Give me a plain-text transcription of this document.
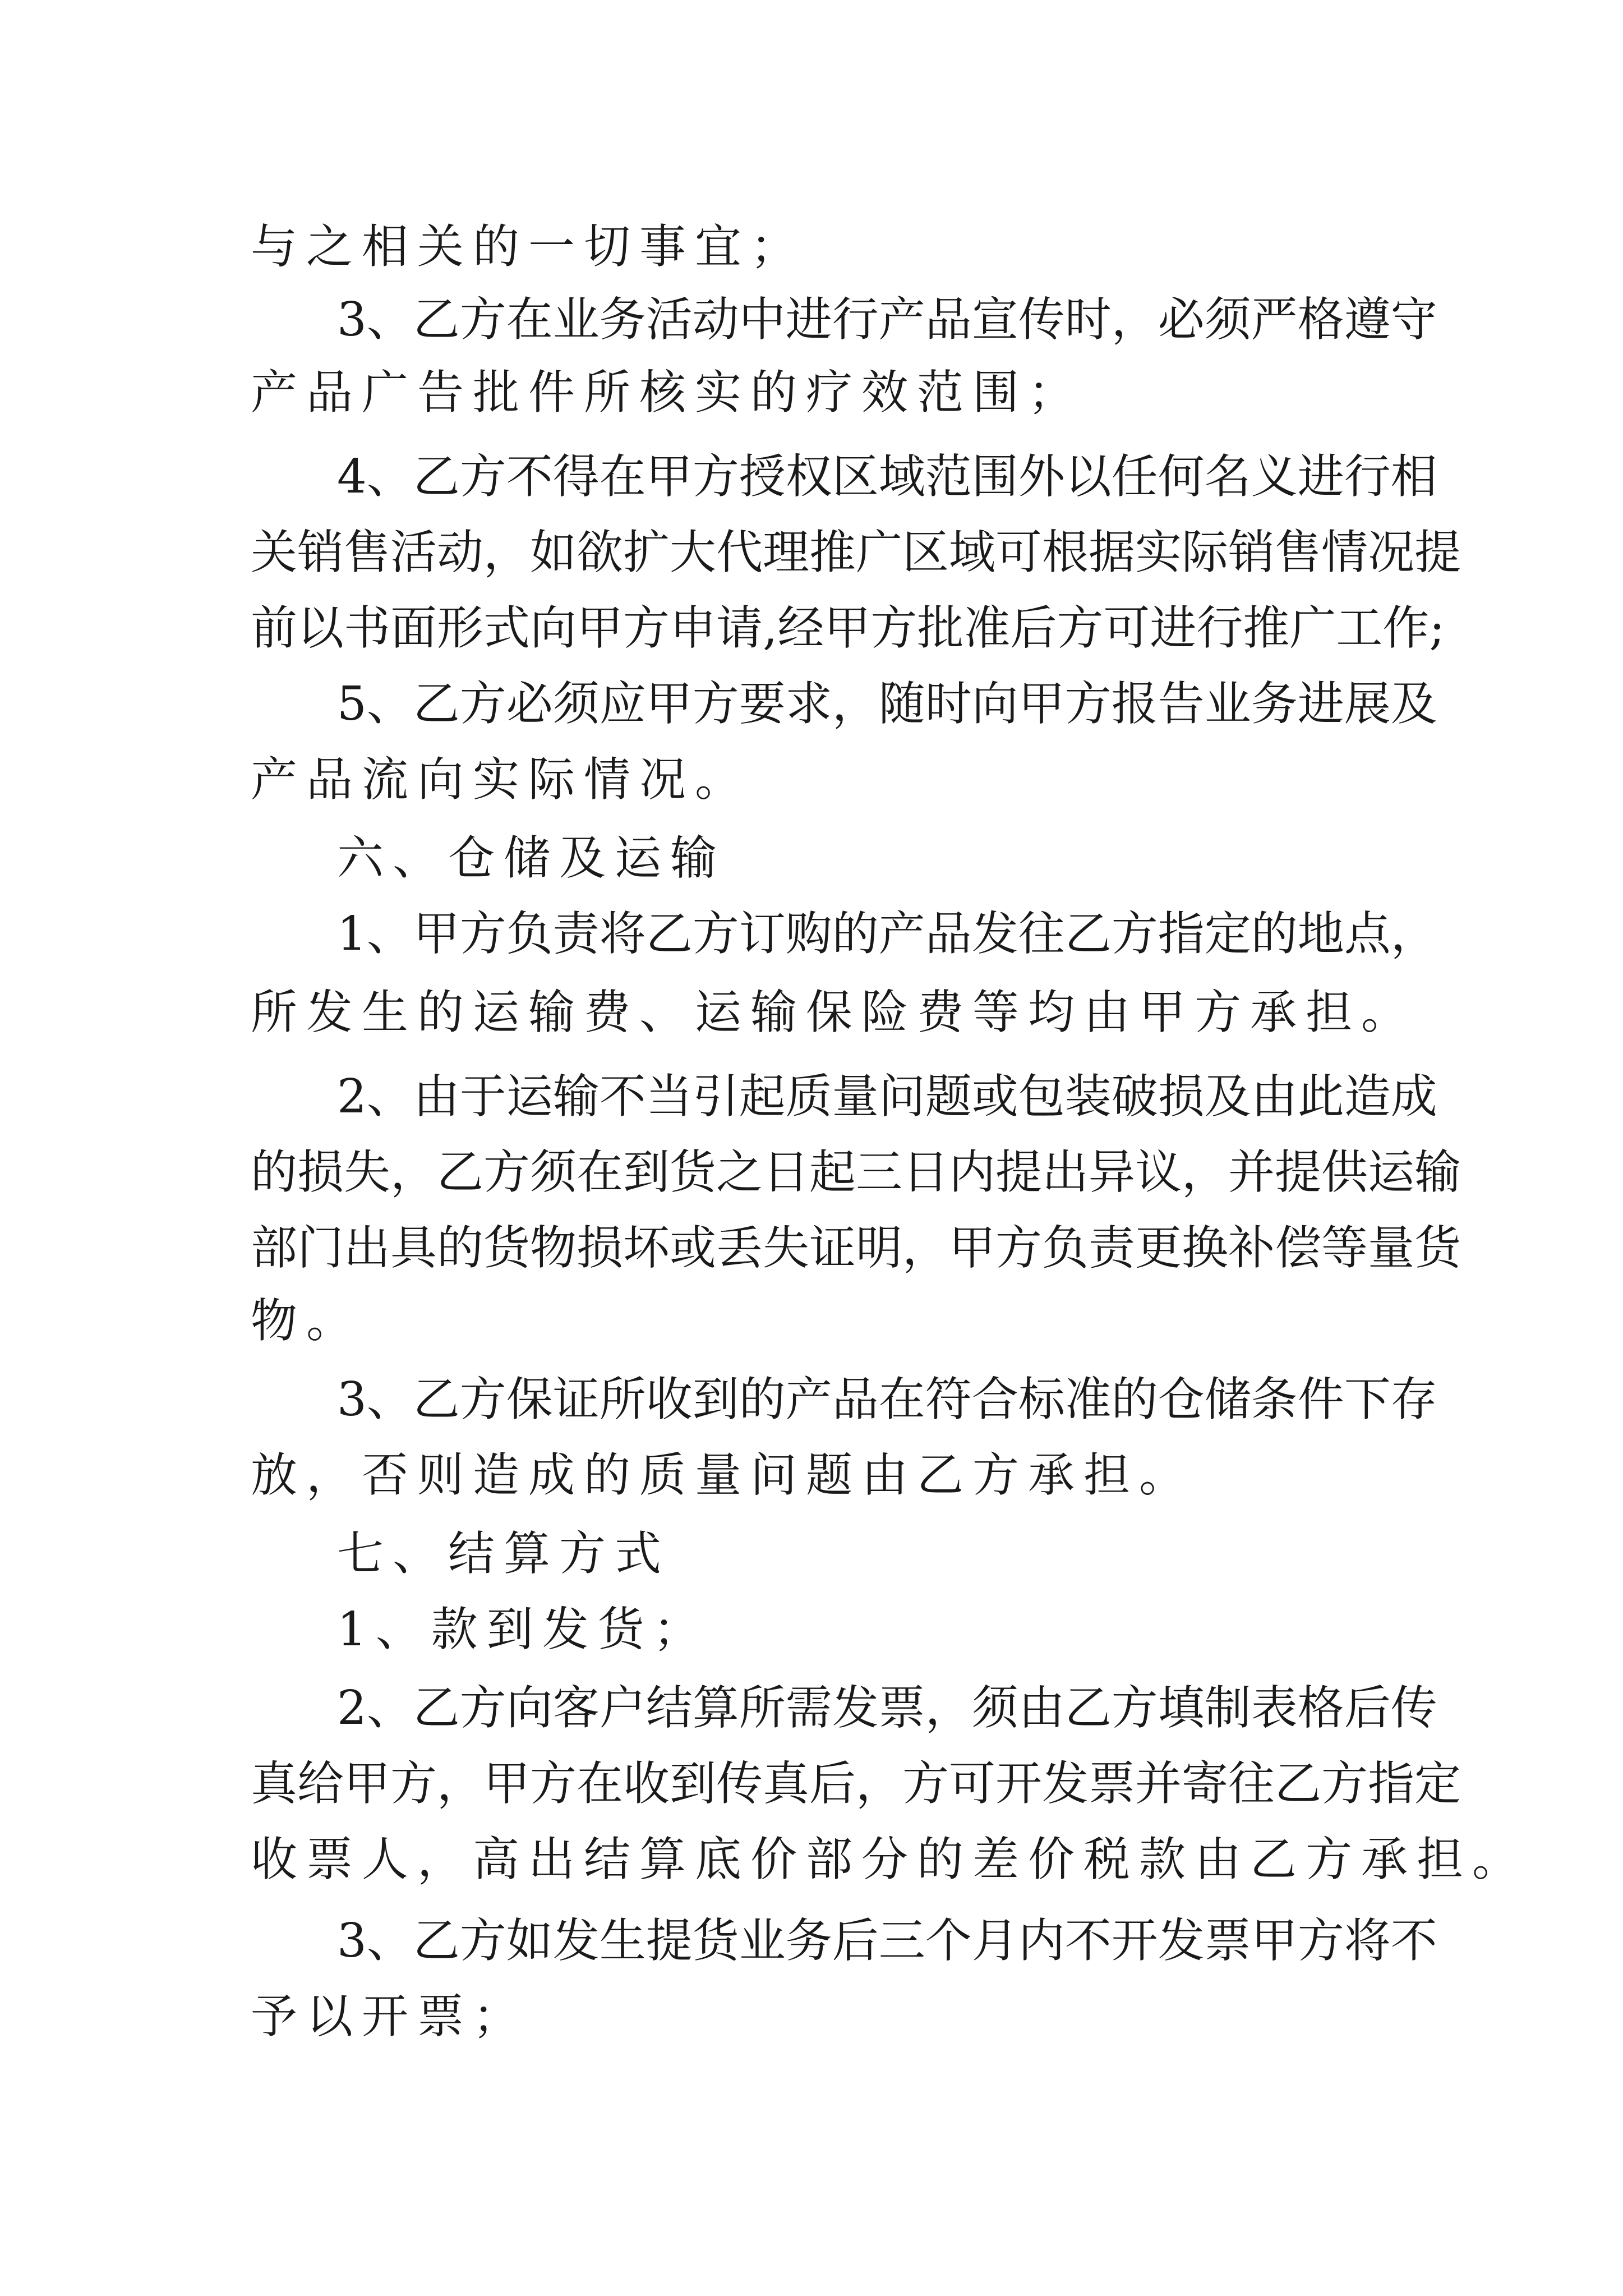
与之相关的一切事宜；

3、乙方在业务活动中进行产品宣传时，必须严格遵守

产品广告批件所核实的疗效范围；

4、乙方不得在甲方授权区域范围外以任何名义进行相

关销售活动，如欲扩大代理推广区域可根据实际销售情况提

前以书面形式向甲方申请,经甲方批准后方可进行推广工作;

5、乙方必须应甲方要求，随时向甲方报告业务进展及

产品流向实际情况。

六、仓储及运输

1、甲方负责将乙方订购的产品发往乙方指定的地点，

所发生的运输费、运输保险费等均由甲方承担。

2、由于运输不当引起质量问题或包装破损及由此造成

的损失，乙方须在到货之日起三日内提出异议，并提供运输

部门出具的货物损坏或丢失证明，甲方负责更换补偿等量货

物。

3、乙方保证所收到的产品在符合标准的仓储条件下存

放，否则造成的质量问题由乙方承担。

七、结算方式

1、款到发货；

2、乙方向客户结算所需发票，须由乙方填制表格后传

真给甲方，甲方在收到传真后，方可开发票并寄往乙方指定

收票人，高出结算底价部分的差价税款由乙方承担。

3、乙方如发生提货业务后三个月内不开发票甲方将不

予以开票；
